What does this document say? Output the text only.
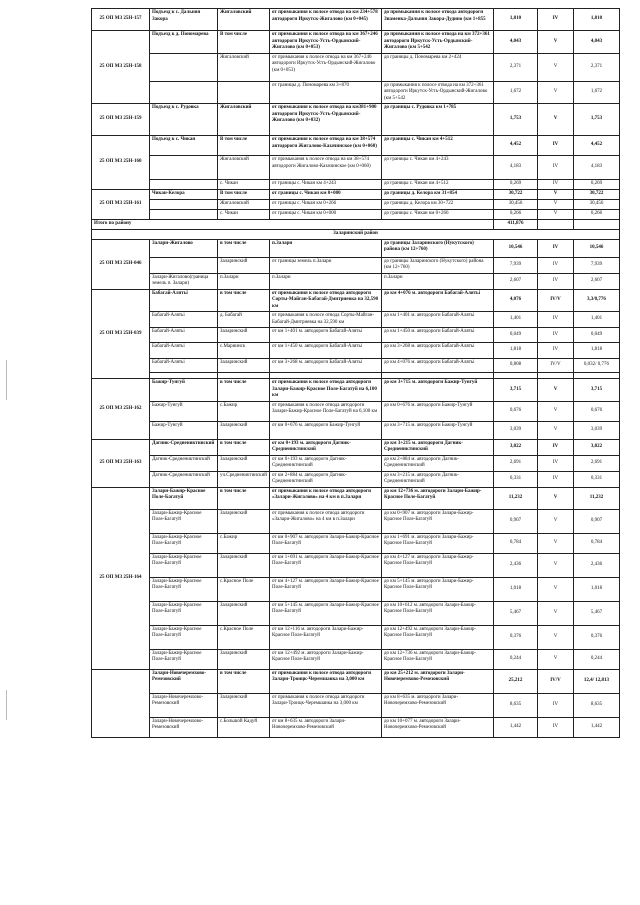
25 ОП МЗ 25Н-157	Подъезд к с. Дальняя Закора	Жигаловский	от примыкания к полосе отвода на км 234+578 автодороги Иркутск-Жигалово (км 0+045)	до примыкания к полосе отвода автодороги Знаменка-Дальняя Закора-Дудино (км 1+855	1,810	IV	1,810
25 ОП МЗ 25Н-158	Подъезд к д. Пономарева	В том числе	от примыкания к полосе отвода на км 367+246 автодороги Иркутск-Усть-Ордынский-Жигалово (км 0+053)	до примыкания к полосе отвода на км 372+361 автодороги Иркутск-Усть-Ордынский-Жигалово (км 5+542	4,043	V	4,043
		Жигаловский	от примыкания к полосе отвода на км 367+246 автодороги Иркутск-Усть-Ордынский-Жигалово (км 0+053)	до границы д. Пономарева км 2+424	2,371	V	2,371
			от границы д. Пономарева км 3+870	до примыкания к полосе отвода на км 372+361 автодороги Иркутск-Усть-Ордынский-Жигалово (км 5+542	1,672	V	1,672
25 ОП МЗ 25Н-159	Подъезд к с. Рудовка	Жигаловский	от примыкания к полосе отвода на км381+900 автодороги Иркутск-Усть-Ордынский-Жигалово (км 0+032)	до границы с. Рудовка км 1+785	1,753	V	1,753
25 ОП МЗ 25Н-160	Подъезд к с. Чикан	В том числе	от примыкания к полосе отвода на км 38+574 автодороги Жигалово-Казачинское (км 0+060)	до границы с. Чикан км 4+512	4,452	IV	4,452
		Жигаловский	от примыкания к полосе отвода на км 38+574 автодороги Жигалово-Казачинское (км 0+060)	до границы с. Чикан км 4+243	4,183	IV	4,183
		с. Чикан	от границы с. Чикан км 4+243	до границы с. Чикан км 4+512	0,269	IV	0,269
25 ОП МЗ 25Н-161	Чикан-Келора	В том числе	от границы с. Чикан км 0+000	до границы д. Келора км 31+854	30,722	V	30,722
		Жигаловский	от границы с. Чикан км 0+266	до границы д. Келора км 30+722	30,456	V	30,456
		с. Чикан	от границы с. Чикан км 0+000	до границы с. Чикан км 0+266	0,266	V	0,266
Итого по району					411,876		
Заларинский район							
25 ОП МЗ 25Н-046	Залари-Жигалово	в том числе	п.Залари	до границы Заларинского (Нукутского) района (км 12+760)	10,546	IV	10,546
		Заларинский	от границы земель п.Залари	до границы Заларинского (Нукутского) района (км 12+760)	7,939	IV	7,939
	Залари-Жигалово(граница земель п. Залари)	п.Залари	п.Залари	п.Залари	2,607	IV	2,607
25 ОП МЗ 25Н-039	Бабагай-Алятьі	в том числе	от примыкания к полосе отвода автодороги Сорты-Майган-Бабагай-Дмитриевка на 32,590 км	до км 4+076 м. автодороги Бабагай-Алятьі	4,076	IV/V	3,3/0,776
	Бабагай-Алятьі	д. Бабагай	от примыкания к полосе отвода Сорты-Майган-Бабагай-Дмитриевка на 32,590 км	до км 1+401 м. автодороги Бабагай-Алятьі	1,401	IV	1,401
	Бабагай-Алятьі	Заларинский	от км 1+401 м. автодороги Бабагай-Алятьі	до км 1+450 м. автодороги Бабагай-Алятьі	0,049	IV	0,049
	Бабагай-Алятьі	с.Мариинск	от км 1+450 м. автодороги Бабагай-Алятьі	до км 3+268 м. автодороги Бабагай-Алятьі	1,818	IV	1,818
	Бабагай-Алятьі	Заларинский	от км 3+268 м. автодороги Бабагай-Алятьі	до км 4+076 м. автодороги Бабагай-Алятьі	0,808	IV/V	0,032/ 0,776

25 ОП МЗ 25Н-162	Бажир-Тунгуй	в том числе	от примыкания к полосе отвода автодороги Залари-Бажир-Красное Поле-Багатуй на 6,100 км	до км 3+715 м. автодороги Бажир-Тунгуй	3,715	V	3,715
	Бажир-Тунгуй	с.Бажир	от примыкания к полосе отвода автодороги Залари-Бажир-Красное Поле-Багатуй на 6,100 км	до км 0+676 м. автодороги Бажир-Тунгуй	0,676	V	0,676
	Бажир-Тунгуй	Заларинский	от км 0+676 м. автодороги Бажир-Тунгуй	до км 3+715 м. автодороги Бажир-Тунгуй	3,039	V	3,039
25 ОП МЗ 25Н-163	Дагник-Среднениктинский	в том числе	от км 0+193 м. автодороги Дагник-Среднениктинский	до км 3+215 м. автодороги Дагник-Среднениктинский	3,022	IV	3,022
	Дагник-Среднениктинский	Заларинский	от км 0+193 м. автодороги Дагник-Среднениктинский	до км 2+884 м. автодороги Дагник-Среднениктинский	2,691	IV	2,691
	Дагник-Среднениктинский	уч.Среднениктинский	от км 2+884 м. автодороги Дагник-Среднениктинский	до км 3+215 м. автодороги Дагник-Среднениктинский	0,331	IV	0,331
25 ОП МЗ 25Н-164	Залари-Бажир-Красное Поле-Багатуй	в том числе	от примыкания к полосе отвода автодороги «Залари-Жигалово» на 4 км в п.Залари	до км 12+736 м. автодороги Залари-Бажир-Красное Поле-Багатуй	11,232	V	11,232
	Залари-Бажир-Красное Поле-Багатуй	Заларинский	от примыкания к полосе отвода автодороги «Залари-Жигалово» на 4 км в п.Залари	до км 0+907 м. автодороги Залари-Бажир-Красное Поле-Багатуй	0,907	V	0,907
	Залари-Бажир-Красное Поле-Багатуй	с.Бажир	от км 0+907 м. автодороги Залари-Бажир-Красное Поле-Багатуй	до км 1+691 м. автодороги Залари-Бажир-Красное Поле-Багатуй	0,784	V	0,784
	Залари-Бажир-Красное Поле-Багатуй	Заларинский	от км 1+691 м. автодороги Залари-Бажир-Красное Поле-Багатуй	до км 4+127 м. автодороги Залари-Бажир-Красное Поле-Багатуй	2,436	V	2,436
	Залари-Бажир-Красное Поле-Багатуй	с.Красное Поле	от км 4+127 м. автодороги Залари-Бажир-Красное Поле-Багатуй	до км 5+145 м. автодороги Залари-Бажир-Красное Поле-Багатуй	1,018	V	1,018
	Залари-Бажир-Красное Поле-Багатуй	Заларинский	от км 5+145 м. автодороги Залари-Бажир-Красное Поле-Багатуй	до км 10+612 м. автодороги Залари-Бажир-Красное Поле-Багатуй	5,467	V	5,467
	Залари-Бажир-Красное Поле-Багатуй	с.Красное Поле	от км 12+116 м. автодороги Залари-Бажир-Красное Поле-Багатуй	до км 12+492 м. автодороги Залари-Бажир-Красное Поле-Багатуй	0,376	V	0,376
	Залари-Бажир-Красное Поле-Багатуй	Заларинский	от км 12+492 м. автодороги Залари-Бажир-Красное Поле-Багатуй	до км 12+736 м. автодороги Залари-Бажир-Красное Поле-Багатуй	0,244	V	0,244
	Залари-Новочеремхово-Ремезовский	в том числе	от примыкания к полосе отвода автодороги Залари-Троицк-Черемшанка на 3,000 км	до км 25+212 м. автодороги Залари-Новочеремхово-Ремезовский	25,212	IV/V	12,4/ 12,813
	Залари-Новочеремхово-Ремезовский	Заларинский	от примыкания к полосе отвода автодороги Залари-Троицк-Черемшанка на 3,000 км	до км 8+635 м. автодороги Залари-Новочеремхово-Ремезовский	8,635	IV	8,635
	Залари-Новочеремхово-Ремезовский	с.Большой Кадуй	от км 8+635 м. автодороги Залари-Новочеремхово-Ремезовский	до км 10+077 м. автодороги Залари-Новочеремхово-Ремезовский	1,442	IV	1,442
